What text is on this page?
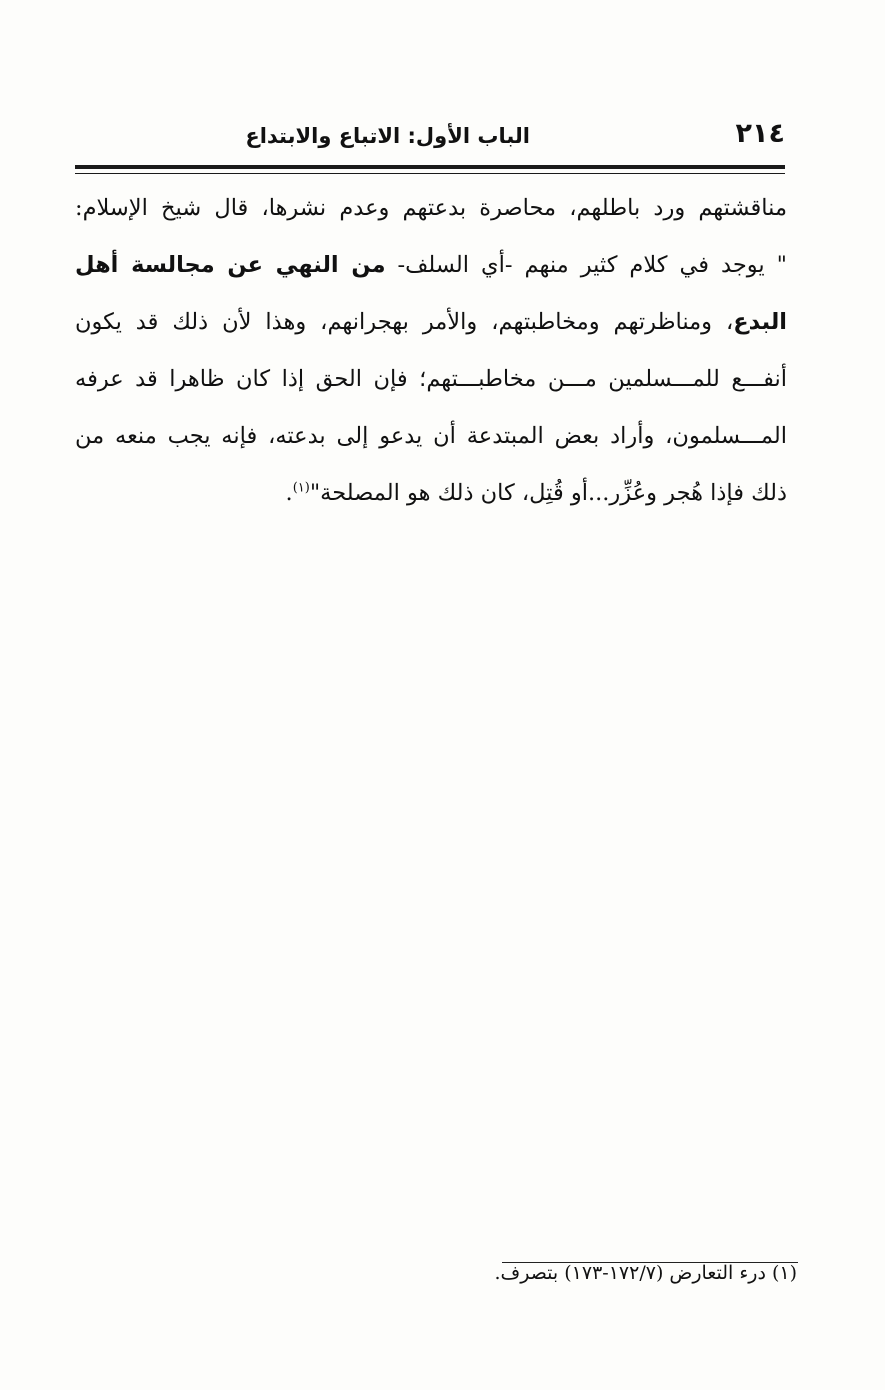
٢١٤
الباب الأول: الاتباع والابتداع
مناقشتهم ورد باطلهم، محاصرة بدعتهم وعدم نشرها، قال شيخ الإسلام:
" يوجد في كلام كثير منهم -أي السلف- من النهي عن مجالسة أهل
البدع، ومناظرتهم ومخاطبتهم، والأمر بهجرانهم، وهذا لأن ذلك قد يكون
أنفـــع للمـــسلمين مـــن مخاطبـــتهم؛ فإن الحق إذا كان ظاهرا قد عرفه
المـــسلمون، وأراد بعض المبتدعة أن يدعو إلى بدعته، فإنه يجب منعه من
ذلك فإذا هُجر وعُزِّر...أو قُتِل، كان ذلك هو المصلحة"$^{(١)}$.
(١) درء التعارض (١٧٢/٧-١٧٣) بتصرف.
